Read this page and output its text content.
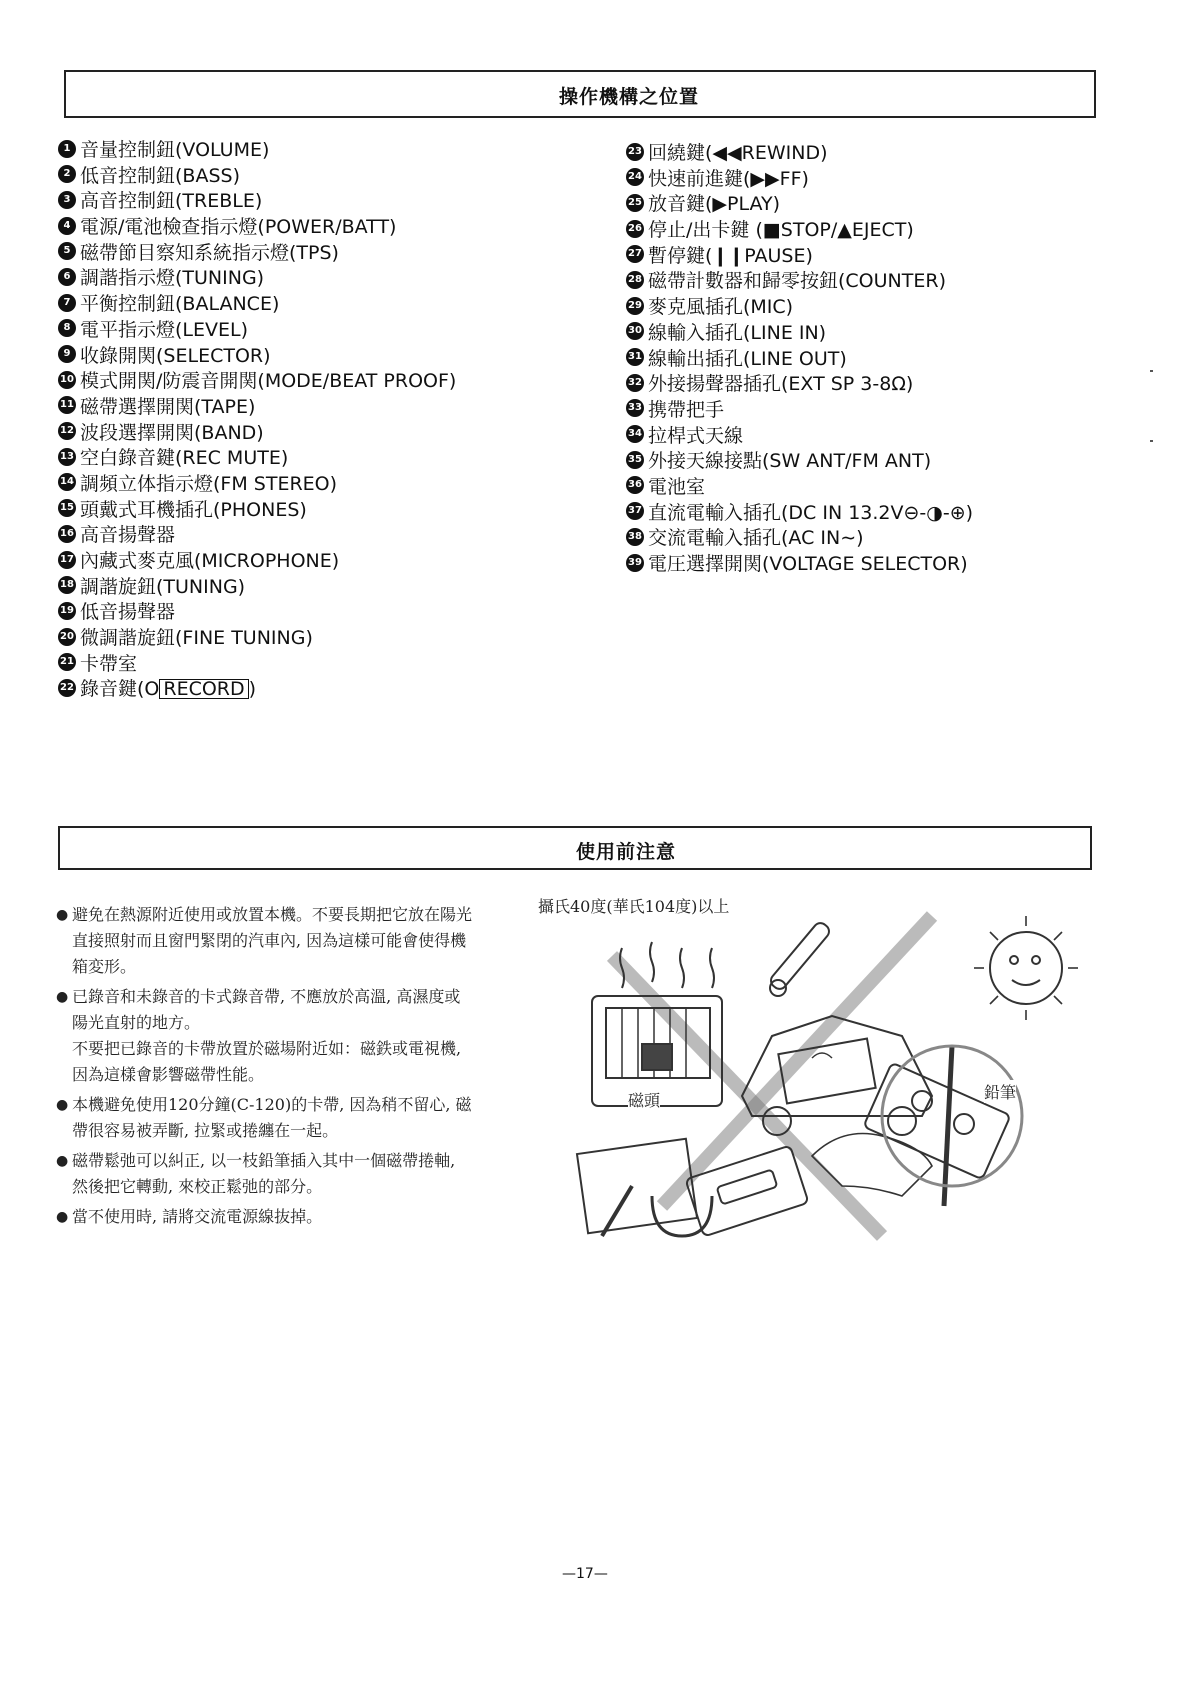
操作機構之位置
1 音量控制鈕(VOLUME)
2 低音控制鈕(BASS)
3 高音控制鈕(TREBLE)
4 電源/電池檢查指示燈(POWER/BATT)
5 磁帶節目察知系統指示燈(TPS)
6 調諧指示燈(TUNING)
7 平衡控制鈕(BALANCE)
8 電平指示燈(LEVEL)
9 收錄開関(SELECTOR)
10 模式開関/防震音開関(MODE/BEAT PROOF)
11 磁帶選擇開関(TAPE)
12 波段選擇開関(BAND)
13 空白錄音鍵(REC MUTE)
14 調頻立体指示燈(FM STEREO)
15 頭戴式耳機插孔(PHONES)
16 高音揚聲器
17 內藏式麥克風(MICROPHONE)
18 調諧旋鈕(TUNING)
19 低音揚聲器
20 微調諧旋鈕(FINE TUNING)
21 卡帶室
22 錄音鍵(O RECORD )
23 回繞鍵(◀◀REWIND)
24 快速前進鍵(▶▶FF)
25 放音鍵(▶PLAY)
26 停止/出卡鍵 (■STOP/▲EJECT)
27 暫停鍵(❙❙PAUSE)
28 磁帶計數器和歸零按鈕(COUNTER)
29 麥克風插孔(MIC)
30 線輸入插孔(LINE IN)
31 線輸出插孔(LINE OUT)
32 外接揚聲器插孔(EXT SP 3-8Ω)
33 携帶把手
34 拉桿式天線
35 外接天線接點(SW ANT/FM ANT)
36 電池室
37 直流電輸入插孔(DC IN 13.2V⊖-◑-⊕)
38 交流電輸入插孔(AC IN∼)
39 電圧選擇開関(VOLTAGE SELECTOR)
使用前注意
● 避免在熱源附近使用或放置本機。不要長期把它放在陽光

直接照射而且窗門緊閉的汽車內, 因為這樣可能會使得機

箱変形。

● 已錄音和未錄音的卡式錄音帶, 不應放於高溫, 高濕度或

陽光直射的地方。

不要把已錄音的卡帶放置於磁場附近如：磁鉄或電視機,

因為這樣會影響磁帶性能。

● 本機避免使用120分鐘(C-120)的卡帶, 因為稍不留心, 磁

帶很容易被弄斷, 拉緊或捲纏在一起。

● 磁帶鬆弛可以糾正, 以一枝鉛筆插入其中一個磁帶捲軸,

然後把它轉動, 來校正鬆弛的部分。

● 當不使用時, 請將交流電源線抜掉。

攝氏40度(華氏104度)以上
磁頭	鉛筆
—17—
